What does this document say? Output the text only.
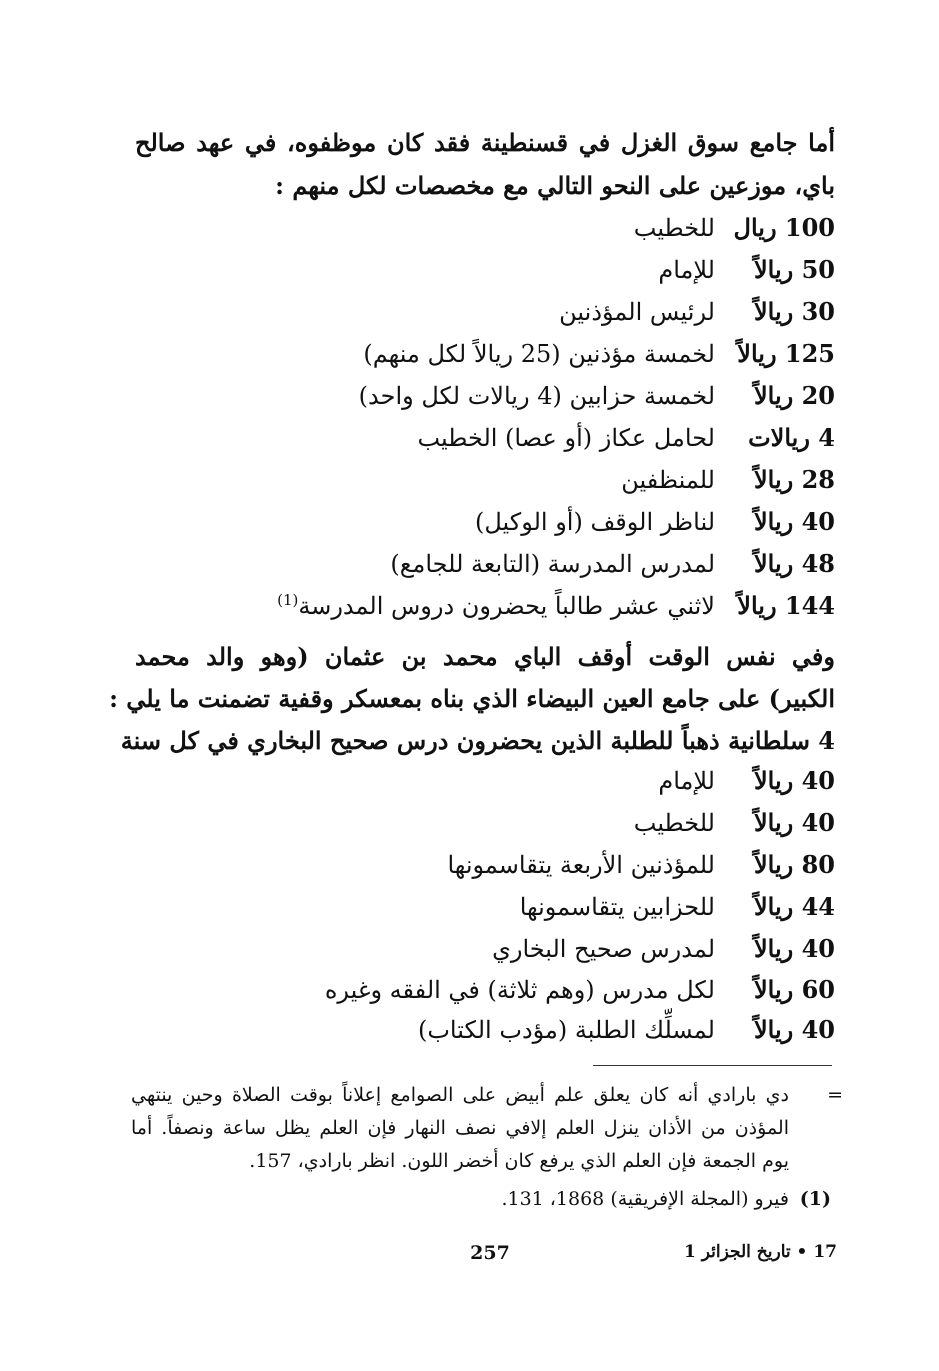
أما جامع سوق الغزل في قسنطينة فقد كان موظفوه، في عهد صالح
باي، موزعين على النحو التالي مع مخصصات لكل منهم :
100 ريال
للخطيب
50 ريالاً
للإمام
30 ريالاً
لرئيس المؤذنين
125 ريالاً
لخمسة مؤذنين (25 ريالاً لكل منهم)
20 ريالاً
لخمسة حزابين (4 ريالات لكل واحد)
4 ريالات
لحامل عكاز (أو عصا) الخطيب
28 ريالاً
للمنظفين
40 ريالاً
لناظر الوقف (أو الوكيل)
48 ريالاً
لمدرس المدرسة (التابعة للجامع)
144 ريالاً
لاثني عشر طالباً يحضرون دروس المدرسة$^{(1)}$
وفي نفس الوقت أوقف الباي محمد بن عثمان (وهو والد محمد
الكبير) على جامع العين البيضاء الذي بناه بمعسكر وقفية تضمنت ما يلي :
4 سلطانية ذهباً للطلبة الذين يحضرون درس صحيح البخاري في كل سنة
40 ريالاً
للإمام
40 ريالاً
للخطيب
80 ريالاً
للمؤذنين الأربعة يتقاسمونها
44 ريالاً
للحزابين يتقاسمونها
40 ريالاً
لمدرس صحيح البخاري
60 ريالاً
لكل مدرس (وهم ثلاثة) في الفقه وغيره
40 ريالاً
لمسلِّك الطلبة (مؤدب الكتاب)
=
دي بارادي أنه كان يعلق علم أبيض على الصوامع إعلاناً بوقت الصلاة وحين ينتهي
المؤذن من الأذان ينزل العلم إلافي نصف النهار فإن العلم يظل ساعة ونصفاً. أما
يوم الجمعة فإن العلم الذي يرفع كان أخضر اللون. انظر بارادي، 157.
(1)
فيرو (المجلة الإفريقية) 1868، 131.
257	17 • تاريخ الجزائر 1
